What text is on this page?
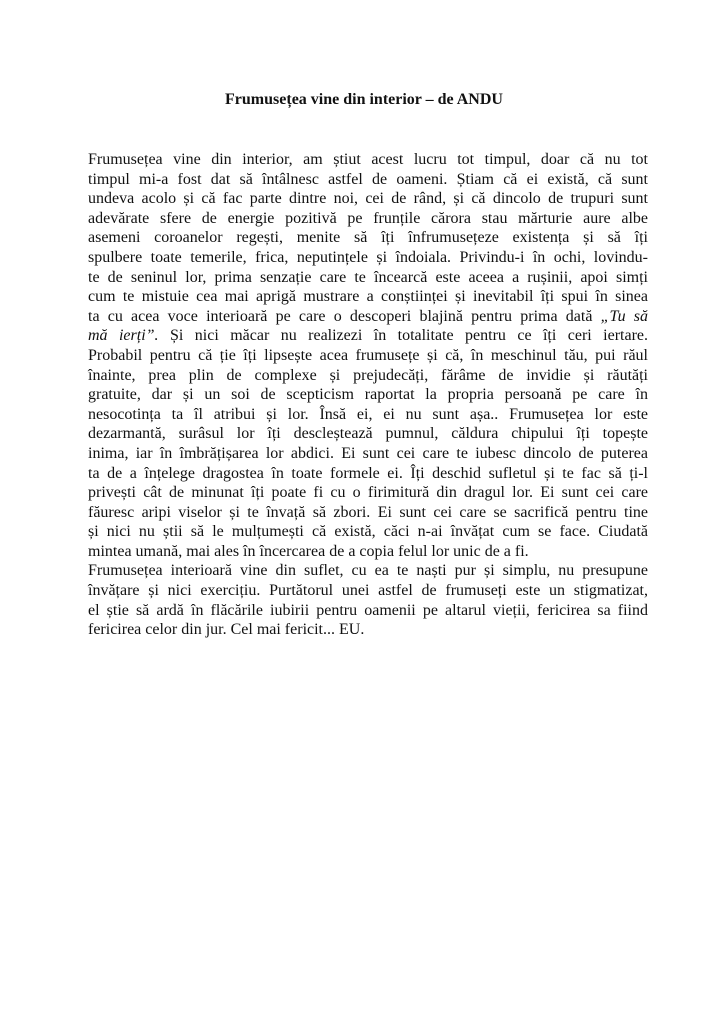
Frumusețea vine din interior – de ANDU
Frumusețea vine din interior, am știut acest lucru tot timpul, doar că nu tot
timpul mi-a fost dat să întâlnesc astfel de oameni. Știam că ei există, că sunt
undeva acolo și că fac parte dintre noi, cei de rând, și că dincolo de trupuri sunt
adevărate sfere de energie pozitivă pe frunțile cărora stau mărturie aure albe
asemeni coroanelor regești, menite să îți înfrumusețeze existența și să îți
spulbere toate temerile, frica, neputințele și îndoiala. Privindu-i în ochi, lovindu-
te de seninul lor, prima senzație care te încearcă este aceea a rușinii, apoi simți
cum te mistuie cea mai aprigă mustrare a conștiinței și inevitabil îți spui în sinea
ta cu acea voce interioară pe care o descoperi blajină pentru prima dată „Tu să
mă ierți”. Și nici măcar nu realizezi în totalitate pentru ce îți ceri iertare.
Probabil pentru că ție îți lipsește acea frumusețe și că, în meschinul tău, pui răul
înainte, prea plin de complexe și prejudecăți, fărâme de invidie și răutăți
gratuite, dar și un soi de scepticism raportat la propria persoană pe care în
nesocotința ta îl atribui și lor. Însă ei, ei nu sunt așa.. Frumusețea lor este
dezarmantă, surâsul lor îți descleștează pumnul, căldura chipului îți topește
inima, iar în îmbrățișarea lor abdici. Ei sunt cei care te iubesc dincolo de puterea
ta de a înțelege dragostea în toate formele ei. Îți deschid sufletul și te fac să ți-l
privești cât de minunat îți poate fi cu o firimitură din dragul lor. Ei sunt cei care
făuresc aripi viselor și te învață să zbori. Ei sunt cei care se sacrifică pentru tine
și nici nu știi să le mulțumești că există, căci n-ai învățat cum se face. Ciudată
mintea umană, mai ales în încercarea de a copia felul lor unic de a fi.
Frumusețea interioară vine din suflet, cu ea te naști pur și simplu, nu presupune
învățare și nici exercițiu. Purtătorul unei astfel de frumuseți este un stigmatizat,
el știe să ardă în flăcările iubirii pentru oamenii pe altarul vieții, fericirea sa fiind
fericirea celor din jur. Cel mai fericit... EU.
